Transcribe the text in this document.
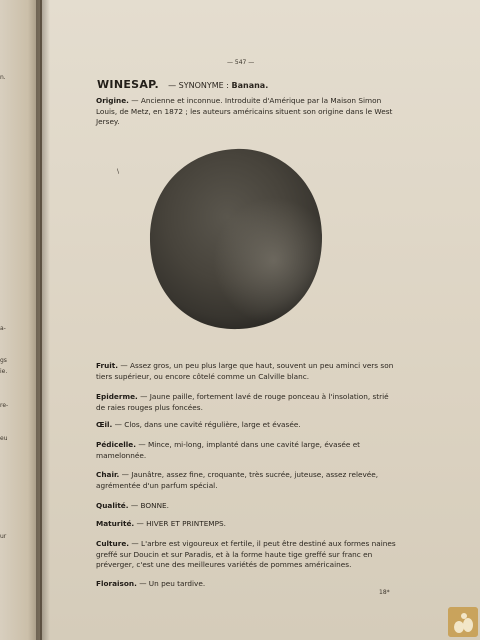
n.
a-
gs
ie.
re-
eu
ur

— 547 —
WINESAP. — SYNONYME : Banana.
Origine. — Ancienne et inconnue. Introduite d'Amérique par la Maison Simon Louis, de Metz, en 1872 ; les auteurs américains situent son origine dans le West Jersey.
\
Fruit. — Assez gros, un peu plus large que haut, souvent un peu aminci vers son tiers supérieur, ou encore côtelé comme un Calville blanc.
Epiderme. — Jaune paille, fortement lavé de rouge ponceau à l'insolation, strié de raies rouges plus foncées.
Œil. — Clos, dans une cavité régulière, large et évasée.
Pédicelle. — Mince, mi-long, implanté dans une cavité large, évasée et mamelonnée.
Chair. — Jaunâtre, assez fine, croquante, très sucrée, juteuse, assez relevée, agrémentée d'un parfum spécial.
Qualité. — BONNE.
Maturité. — HIVER ET PRINTEMPS.
Culture. — L'arbre est vigoureux et fertile, il peut être destiné aux formes naines greffé sur Doucin et sur Paradis, et à la forme haute tige greffé sur franc en préverger, c'est une des meilleures variétés de pommes américaines.
Floraison. — Un peu tardive.
18*
